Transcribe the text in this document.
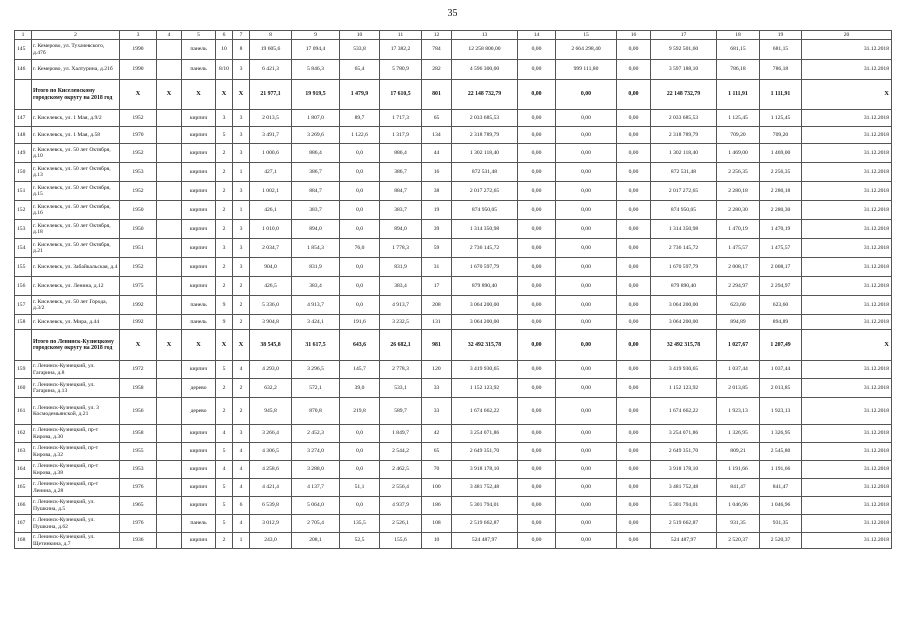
35
1	2	3	4	5	6	7	8	9	10	11	12	13	14	15	16	17	18	19	20
145	г. Кемерово, ул. Тухачевского, д.47б	1990		панель	10	8	19 605,6	17 094,4	533,8	17 382,2	784	12 258 800,00	0,00	2 664 298,40	0,00	9 592 501,60	681,15	681,15	31.12.2018
146	г. Кемерово, ул. Халтурина, д.21б	1990		панель	8/10	3	6 421,3	5 846,3	65,4	5 780,9	282	4 596 300,00	0,00	999 111,80	0,00	3 597 188,10	786,18	786,18	31.12.2018
	Итого по Киселевскому городскому округу на 2018 год	X	X	X	X	X	21 977,1	19 919,5	1 479,9	17 610,5	801	22 148 732,79	0,00	0,00	0,00	22 148 732,79	1 111,91	1 111,91	X
147	г. Киселевск, ул. 1 Мая, д.9/2	1952		кирпич	3	3	2 013,5	1 807,0	89,7	1 717,3	65	2 033 685,53	0,00	0,00	0,00	2 033 685,53	1 125,45	1 125,45	31.12.2018
148	г. Киселевск, ул. 1 Мая, д.58	1970		кирпич	5	3	3 491,7	3 269,6	1 122,6	1 317,9	134	2 318 789,79	0,00	0,00	0,00	2 318 789,79	709,20	709,20	31.12.2018
149	г. Киселевск, ул. 50 лет Октября, д.10	1952		кирпич	2	3	1 000,6	886,4	0,0	886,4	44	1 302 118,40	0,00	0,00	0,00	1 302 118,40	1 469,00	1 469,00	31.12.2018
150	г. Киселевск, ул. 50 лет Октября, д.13	1953		кирпич	2	1	427,1	386,7	0,0	386,7	16	872 531,48	0,00	0,00	0,00	872 531,48	2 256,35	2 256,35	31.12.2018
151	г. Киселевск, ул. 50 лет Октября, д.15	1952		кирпич	2	3	1 002,1	884,7	0,0	884,7	38	2 017 272,65	0,00	0,00	0,00	2 017 272,65	2 280,18	2 280,18	31.12.2018
152	г. Киселевск, ул. 50 лет Октября, д.16	1950		кирпич	2	1	426,1	383,7	0,0	383,7	19	874 950,05	0,00	0,00	0,00	874 950,05	2 280,30	2 280,30	31.12.2018
153	г. Киселевск, ул. 50 лет Октября, д.18	1950		кирпич	2	3	1 010,0	894,0	0,0	894,0	39	1 314 350,98	0,00	0,00	0,00	1 314 350,98	1 470,19	1 470,19	31.12.2018
154	г. Киселевск, ул. 50 лет Октября, д.21	1951		кирпич	3	3	2 034,7	1 854,3	76,0	1 778,3	59	2 736 145,72	0,00	0,00	0,00	2 736 145,72	1 475,57	1 475,57	31.12.2018
155	г. Киселевск, ул. Забайкальская, д.4	1952		кирпич	2	3	904,0	831,9	0,0	831,9	31	1 670 597,79	0,00	0,00	0,00	1 670 597,79	2 008,17	2 008,17	31.12.2018
156	г. Киселевск, ул. Ленина, д.12	1975		кирпич	2	2	426,5	383,4	0,0	383,4	17	879 890,40	0,00	0,00	0,00	879 890,40	2 294,97	2 294,97	31.12.2018
157	г. Киселевск, ул. 50 лет Города, д.3/2	1992		панель	9	2	5 336,0	4 913,7	0,0	4 913,7	208	3 064 200,00	0,00	0,00	0,00	3 064 200,00	623,60	623,60	31.12.2018
158	г. Киселевск, ул. Мира, д.44	1992		панель	9	2	3 904,8	3 424,1	191,6	3 232,5	131	3 064 200,00	0,00	0,00	0,00	3 064 200,00	894,89	894,89	31.12.2018
	Итого по Ленинск-Кузнецкому городскому округу на 2018 год	X	X	X	X	X	38 545,8	31 617,5	643,6	26 682,1	981	32 492 315,78	0,00	0,00	0,00	32 492 315,78	1 027,67	1 207,49	X
159	г. Ленинск-Кузнецкий, ул. Гагарина, д.8	1972		кирпич	5	4	4 293,0	3 296,5	145,7	2 778,3	120	3 419 930,65	0,00	0,00	0,00	3 419 930,65	1 037,44	1 037,44	31.12.2018
160	г. Ленинск-Кузнецкий, ул. Гагарина, д.13	1958		дерево	2	2	632,2	572,1	39,0	533,1	33	1 152 123,92	0,00	0,00	0,00	1 152 123,92	2 013,85	2 013,85	31.12.2018
161	г. Ленинск-Кузнецкий, ул. 3 Космодемьянской, д.21	1956		дерево	2	2	945,8	870,8	219,8	589,7	33	1 674 662,22	0,00	0,00	0,00	1 674 662,22	1 923,13	1 923,13	31.12.2018
162	г. Ленинск-Кузнецкий, пр-т Кирова, д.30	1958		кирпич	4	3	3 266,4	2 452,3	0,0	1 849,7	42	3 254 071,86	0,00	0,00	0,00	3 254 071,86	1 326,95	1 326,95	31.12.2018
163	г. Ленинск-Кузнецкий, пр-т Кирова, д.32	1955		кирпич	5	4	4 306,5	3 274,0	0,0	2 544,2	65	2 649 351,70	0,00	0,00	0,00	2 649 351,70	809,21	2 545,80	31.12.2018
164	г. Ленинск-Кузнецкий, пр-т Кирова, д.38	1953		кирпич	4	4	4 258,6	3 288,0	0,0	2 462,5	70	3 918 178,10	0,00	0,00	0,00	3 918 178,10	1 191,66	1 191,66	31.12.2018
165	г. Ленинск-Кузнецкий, пр-т Ленина, д.28	1976		кирпич	5	4	4 421,4	4 137,7	51,1	2 556,4	100	3 481 752,48	0,00	0,00	0,00	3 481 752,48	841,47	841,47	31.12.2018
166	г. Ленинск-Кузнецкий, ул. Пушкина, д.5	1965		кирпич	5	6	6 539,8	5 064,0	0,0	4 937,9	186	5 301 794,01	0,00	0,00	0,00	5 301 794,01	1 046,96	1 046,96	31.12.2018
167	г. Ленинск-Кузнецкий, ул. Пушкина, д.62	1976		панель	5	4	3 012,9	2 705,4	135,5	2 526,1	108	2 519 662,87	0,00	0,00	0,00	2 519 662,87	931,35	931,35	31.12.2018
168	г. Ленинск-Кузнецкий, ул. Щетинкина, д.7	1936		кирпич	2	1	243,0	208,1	52,5	155,6	10	524 487,97	0,00	0,00	0,00	524 487,97	2 520,37	2 520,37	31.12.2018
